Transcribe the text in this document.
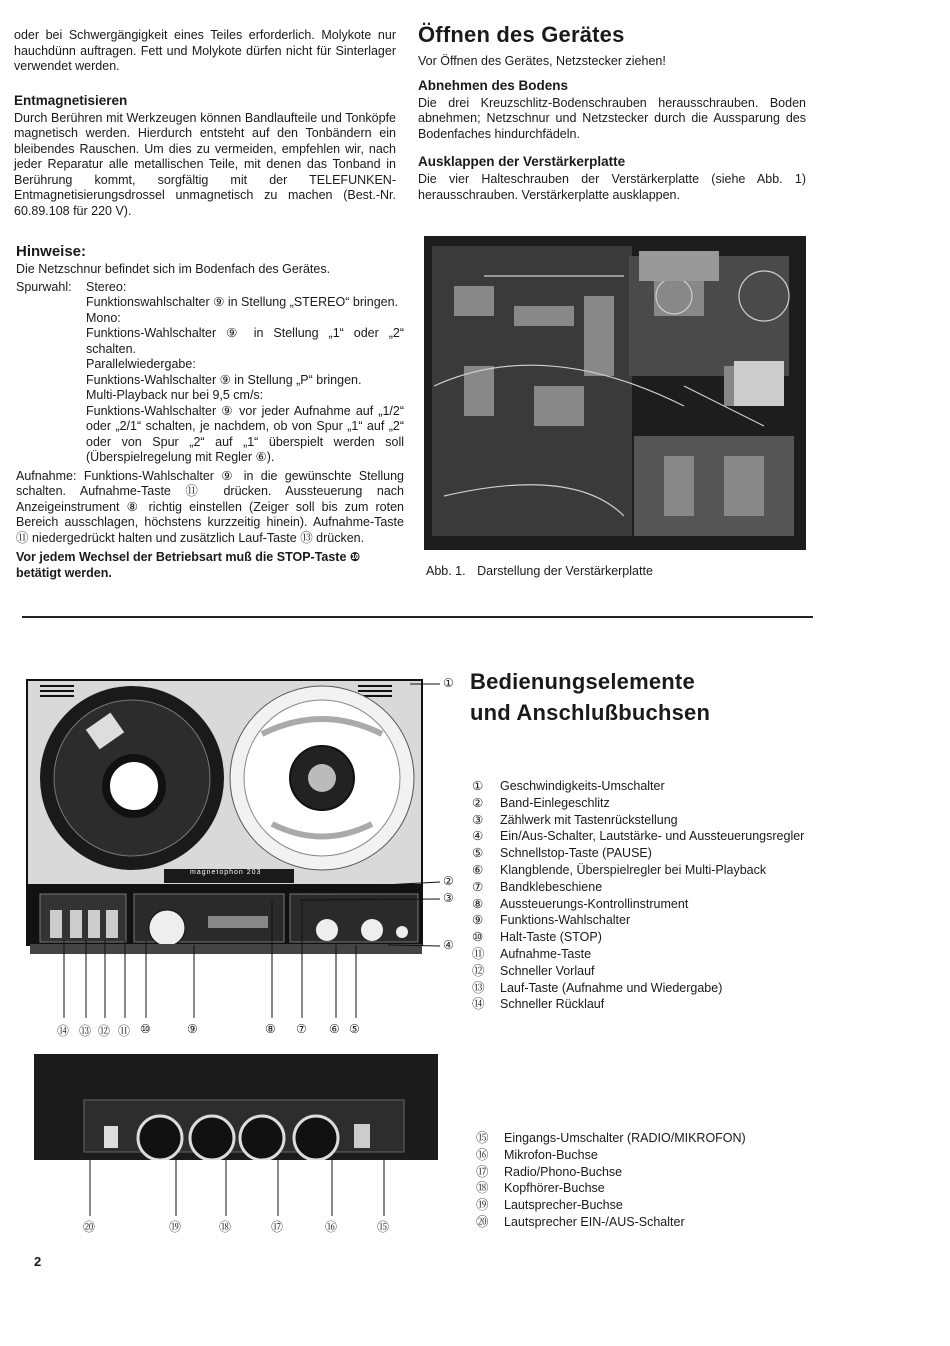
oder bei Schwergängigkeit eines Teiles erforderlich. Molykote nur hauchdünn auftragen. Fett und Molykote dürfen nicht für Sinterlager verwendet werden.

Entmagnetisieren

Durch Berühren mit Werkzeugen können Bandlaufteile und Tonköpfe magnetisch werden. Hierdurch entsteht auf den Tonbändern ein bleibendes Rauschen. Um dies zu vermeiden, empfehlen wir, nach jeder Reparatur alle metallischen Teile, mit denen das Tonband in Berührung kommt, sorgfältig mit der TELEFUNKEN-Entmagnetisierungsdrossel unmagnetisch zu machen (Best.-Nr. 60.89.108 für 220 V).

Hinweise:

Die Netzschnur befindet sich im Bodenfach des Gerätes.

Spurwahl: Stereo:

Funktionswahlschalter ⑨ in Stellung „STEREO“ bringen.

Mono:

Funktions-Wahlschalter ⑨ in Stellung „1“ oder „2“ schalten.

Parallelwiedergabe:

Funktions-Wahlschalter ⑨ in Stellung „P“ bringen.

Multi-Playback nur bei 9,5 cm/s:

Funktions-Wahlschalter ⑨ vor jeder Aufnahme auf „1/2“ oder „2/1“ schalten, je nachdem, ob von Spur „1“ auf „2“ oder von Spur „2“ auf „1“ überspielt werden soll (Überspielregelung mit Regler ⑥).

Aufnahme: Funktions-Wahlschalter ⑨ in die gewünschte Stellung schalten. Aufnahme-Taste ⑪ drücken. Aussteuerung nach Anzeigeinstrument ⑧ richtig einstellen (Zeiger soll bis zum roten Bereich ausschlagen, höchstens kurzzeitig hinein). Aufnahme-Taste ⑪ niedergedrückt halten und zusätzlich Lauf-Taste ⑬ drücken.

Vor jedem Wechsel der Betriebsart muß die STOP-Taste ❿ betätigt werden.

Öffnen des Gerätes

Vor Öffnen des Gerätes, Netzstecker ziehen!

Abnehmen des Bodens

Die drei Kreuzschlitz-Bodenschrauben herausschrauben. Boden abnehmen; Netzschnur und Netzstecker durch die Aussparung des Bodenfaches hindurchfädeln.

Ausklappen der Verstärkerplatte

Die vier Halteschrauben der Verstärkerplatte (siehe Abb. 1) herausschrauben. Verstärkerplatte ausklappen.

Abb. 1. Darstellung der Verstärkerplatte

magnetophon 203
①
②
③
④
⑭ ⑬ ⑫ ⑪ ⑩	⑨	⑧ ⑦ ⑥ ⑤

Bedienungselemente

und Anschlußbuchsen

① Geschwindigkeits-Umschalter

② Band-Einlegeschlitz

③ Zählwerk mit Tastenrückstellung

④ Ein/Aus-Schalter, Lautstärke- und Aussteuerungsregler

⑤ Schnellstop-Taste (PAUSE)

⑥ Klangblende, Überspielregler bei Multi-Playback

⑦ Bandklebeschiene

⑧ Aussteuerungs-Kontrollinstrument

⑨ Funktions-Wahlschalter

⑩ Halt-Taste (STOP)

⑪ Aufnahme-Taste

⑫ Schneller Vorlauf

⑬ Lauf-Taste (Aufnahme und Wiedergabe)

⑭ Schneller Rücklauf

⑳	⑲	⑱	⑰	⑯	⑮

⑮ Eingangs-Umschalter (RADIO/MIKROFON)

⑯ Mikrofon-Buchse

⑰ Radio/Phono-Buchse

⑱ Kopfhörer-Buchse

⑲ Lautsprecher-Buchse

⑳ Lautsprecher EIN-/AUS-Schalter

2
